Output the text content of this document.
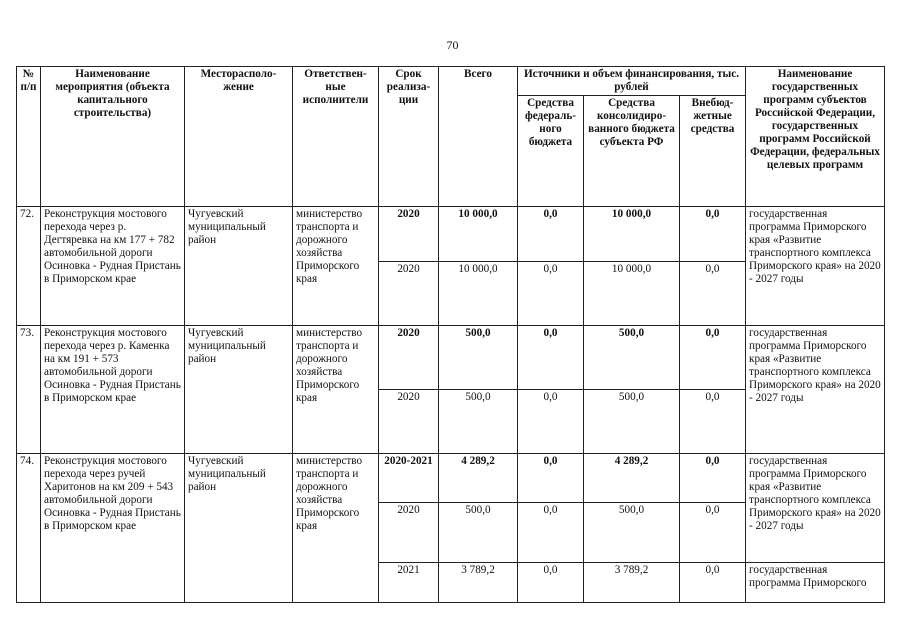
70
№ п/п	Наименование мероприятия (объекта капитального строительства)	Месторасполо-жение	Ответствен-ные исполнители	Срок реализа-ции	Всего	Источники и объем финансирования, тыс. рублей			Наименование государственных программ субъектов Российской Федерации, государственных программ Российской Федерации, федеральных целевых программ
						Средства федераль-ного бюджета	Средства консолидиро-ванного бюджета субъекта РФ	Внебюд-жетные средства	
72.	Реконструкция мостового перехода через р. Дегтяревка на км 177 + 782 автомобильной дороги Осиновка - Рудная Пристань в Приморском крае	Чугуевский муниципальный район	министерство транспорта и дорожного хозяйства Приморского края	2020	10 000,0	0,0	10 000,0	0,0	государственная программа Приморского края «Развитие транспортного комплекса Приморского края» на 2020 - 2027 годы
				2020	10 000,0	0,0	10 000,0	0,0	
73.	Реконструкция мостового перехода через р. Каменка на км 191 + 573 автомобильной дороги Осиновка - Рудная Пристань в Приморском крае	Чугуевский муниципальный район	министерство транспорта и дорожного хозяйства Приморского края	2020	500,0	0,0	500,0	0,0	государственная программа Приморского края «Развитие транспортного комплекса Приморского края» на 2020 - 2027 годы
				2020	500,0	0,0	500,0	0,0	
74.	Реконструкция мостового перехода через ручей Харитонов на км 209 + 543 автомобильной дороги Осиновка - Рудная Пристань в Приморском крае	Чугуевский муниципальный район	министерство транспорта и дорожного хозяйства Приморского края	2020-2021	4 289,2	0,0	4 289,2	0,0	государственная программа Приморского края «Развитие транспортного комплекса Приморского края» на 2020 - 2027 годы
				2020	500,0	0,0	500,0	0,0	
				2021	3 789,2	0,0	3 789,2	0,0	государственная программа Приморского
